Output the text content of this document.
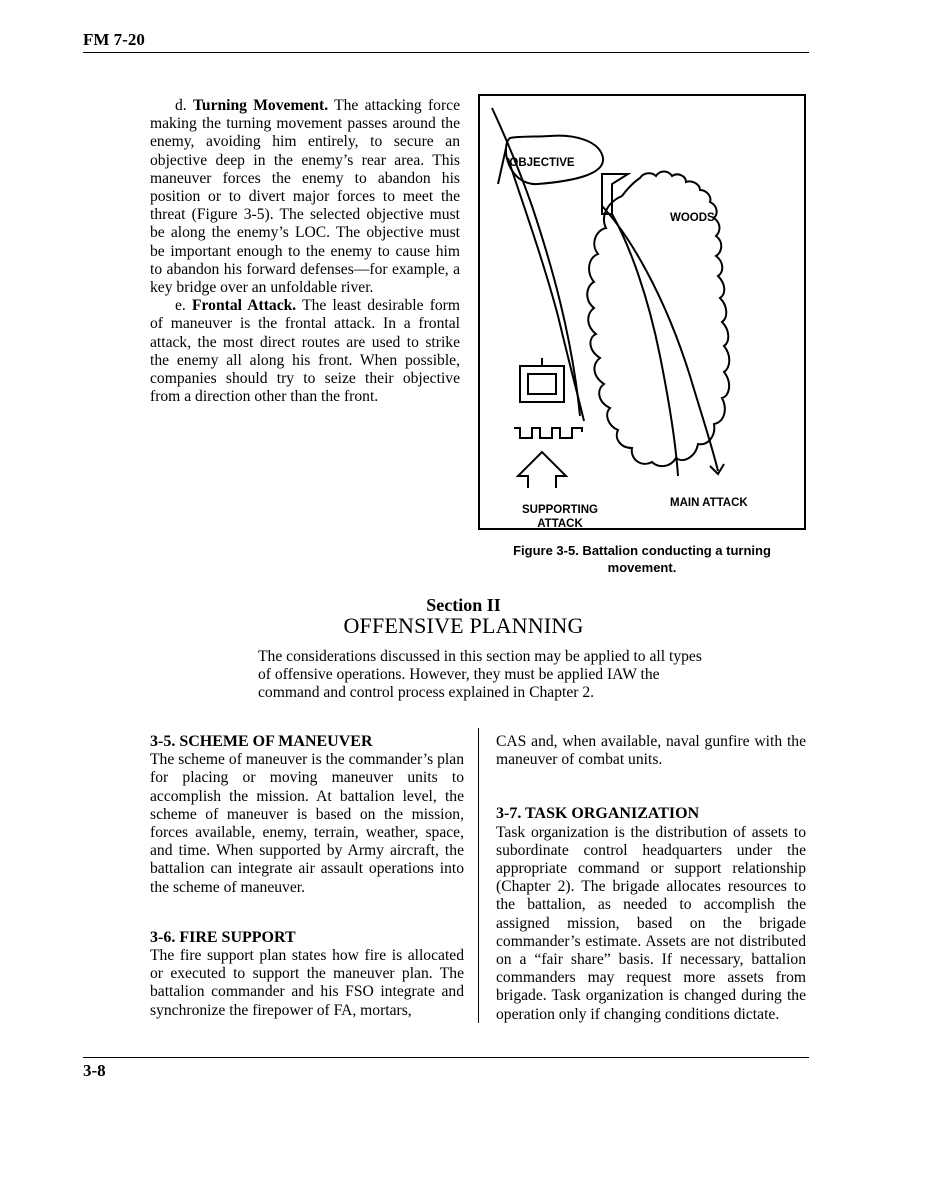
FM 7-20
d. Turning Movement. The attacking force making the turning movement passes around the enemy, avoiding him entirely, to secure an objective deep in the enemy’s rear area. This maneuver forces the enemy to abandon his position or to divert major forces to meet the threat (Figure 3-5). The selected objective must be along the enemy’s LOC. The objective must be important enough to the enemy to cause him to abandon his forward defenses—for example, a key bridge over an unfoldable river.
e. Frontal Attack. The least desirable form of maneuver is the frontal attack. In a frontal attack, the most direct routes are used to strike the enemy all along his front. When possible, companies should try to seize their objective from a direction other than the front.
OBJECTIVE
WOODS
MAIN ATTACK
SUPPORTING
ATTACK
Figure 3-5. Battalion conducting a turning
movement.
Section II
OFFENSIVE PLANNING
The considerations discussed in this section may be applied to all types of offensive operations. However, they must be applied IAW the command and control process explained in Chapter 2.
3-5. SCHEME OF MANEUVER
The scheme of maneuver is the commander’s plan for placing or moving maneuver units to accomplish the mission. At battalion level, the scheme of maneuver is based on the mission, forces available, enemy, terrain, weather, space, and time. When supported by Army aircraft, the battalion can integrate air assault operations into the scheme of maneuver.
3-6. FIRE SUPPORT
The fire support plan states how fire is allocated or executed to support the maneuver plan. The battalion commander and his FSO integrate and synchronize the firepower of FA, mortars,
CAS and, when available, naval gunfire with the maneuver of combat units.
3-7. TASK ORGANIZATION
Task organization is the distribution of assets to subordinate control headquarters under the appropriate command or support relationship (Chapter 2). The brigade allocates resources to the battalion, as needed to accomplish the assigned mission, based on the brigade commander’s estimate. Assets are not distributed on a “fair share” basis. If necessary, battalion commanders may request more assets from brigade. Task organization is changed during the operation only if changing conditions dictate.
3-8
